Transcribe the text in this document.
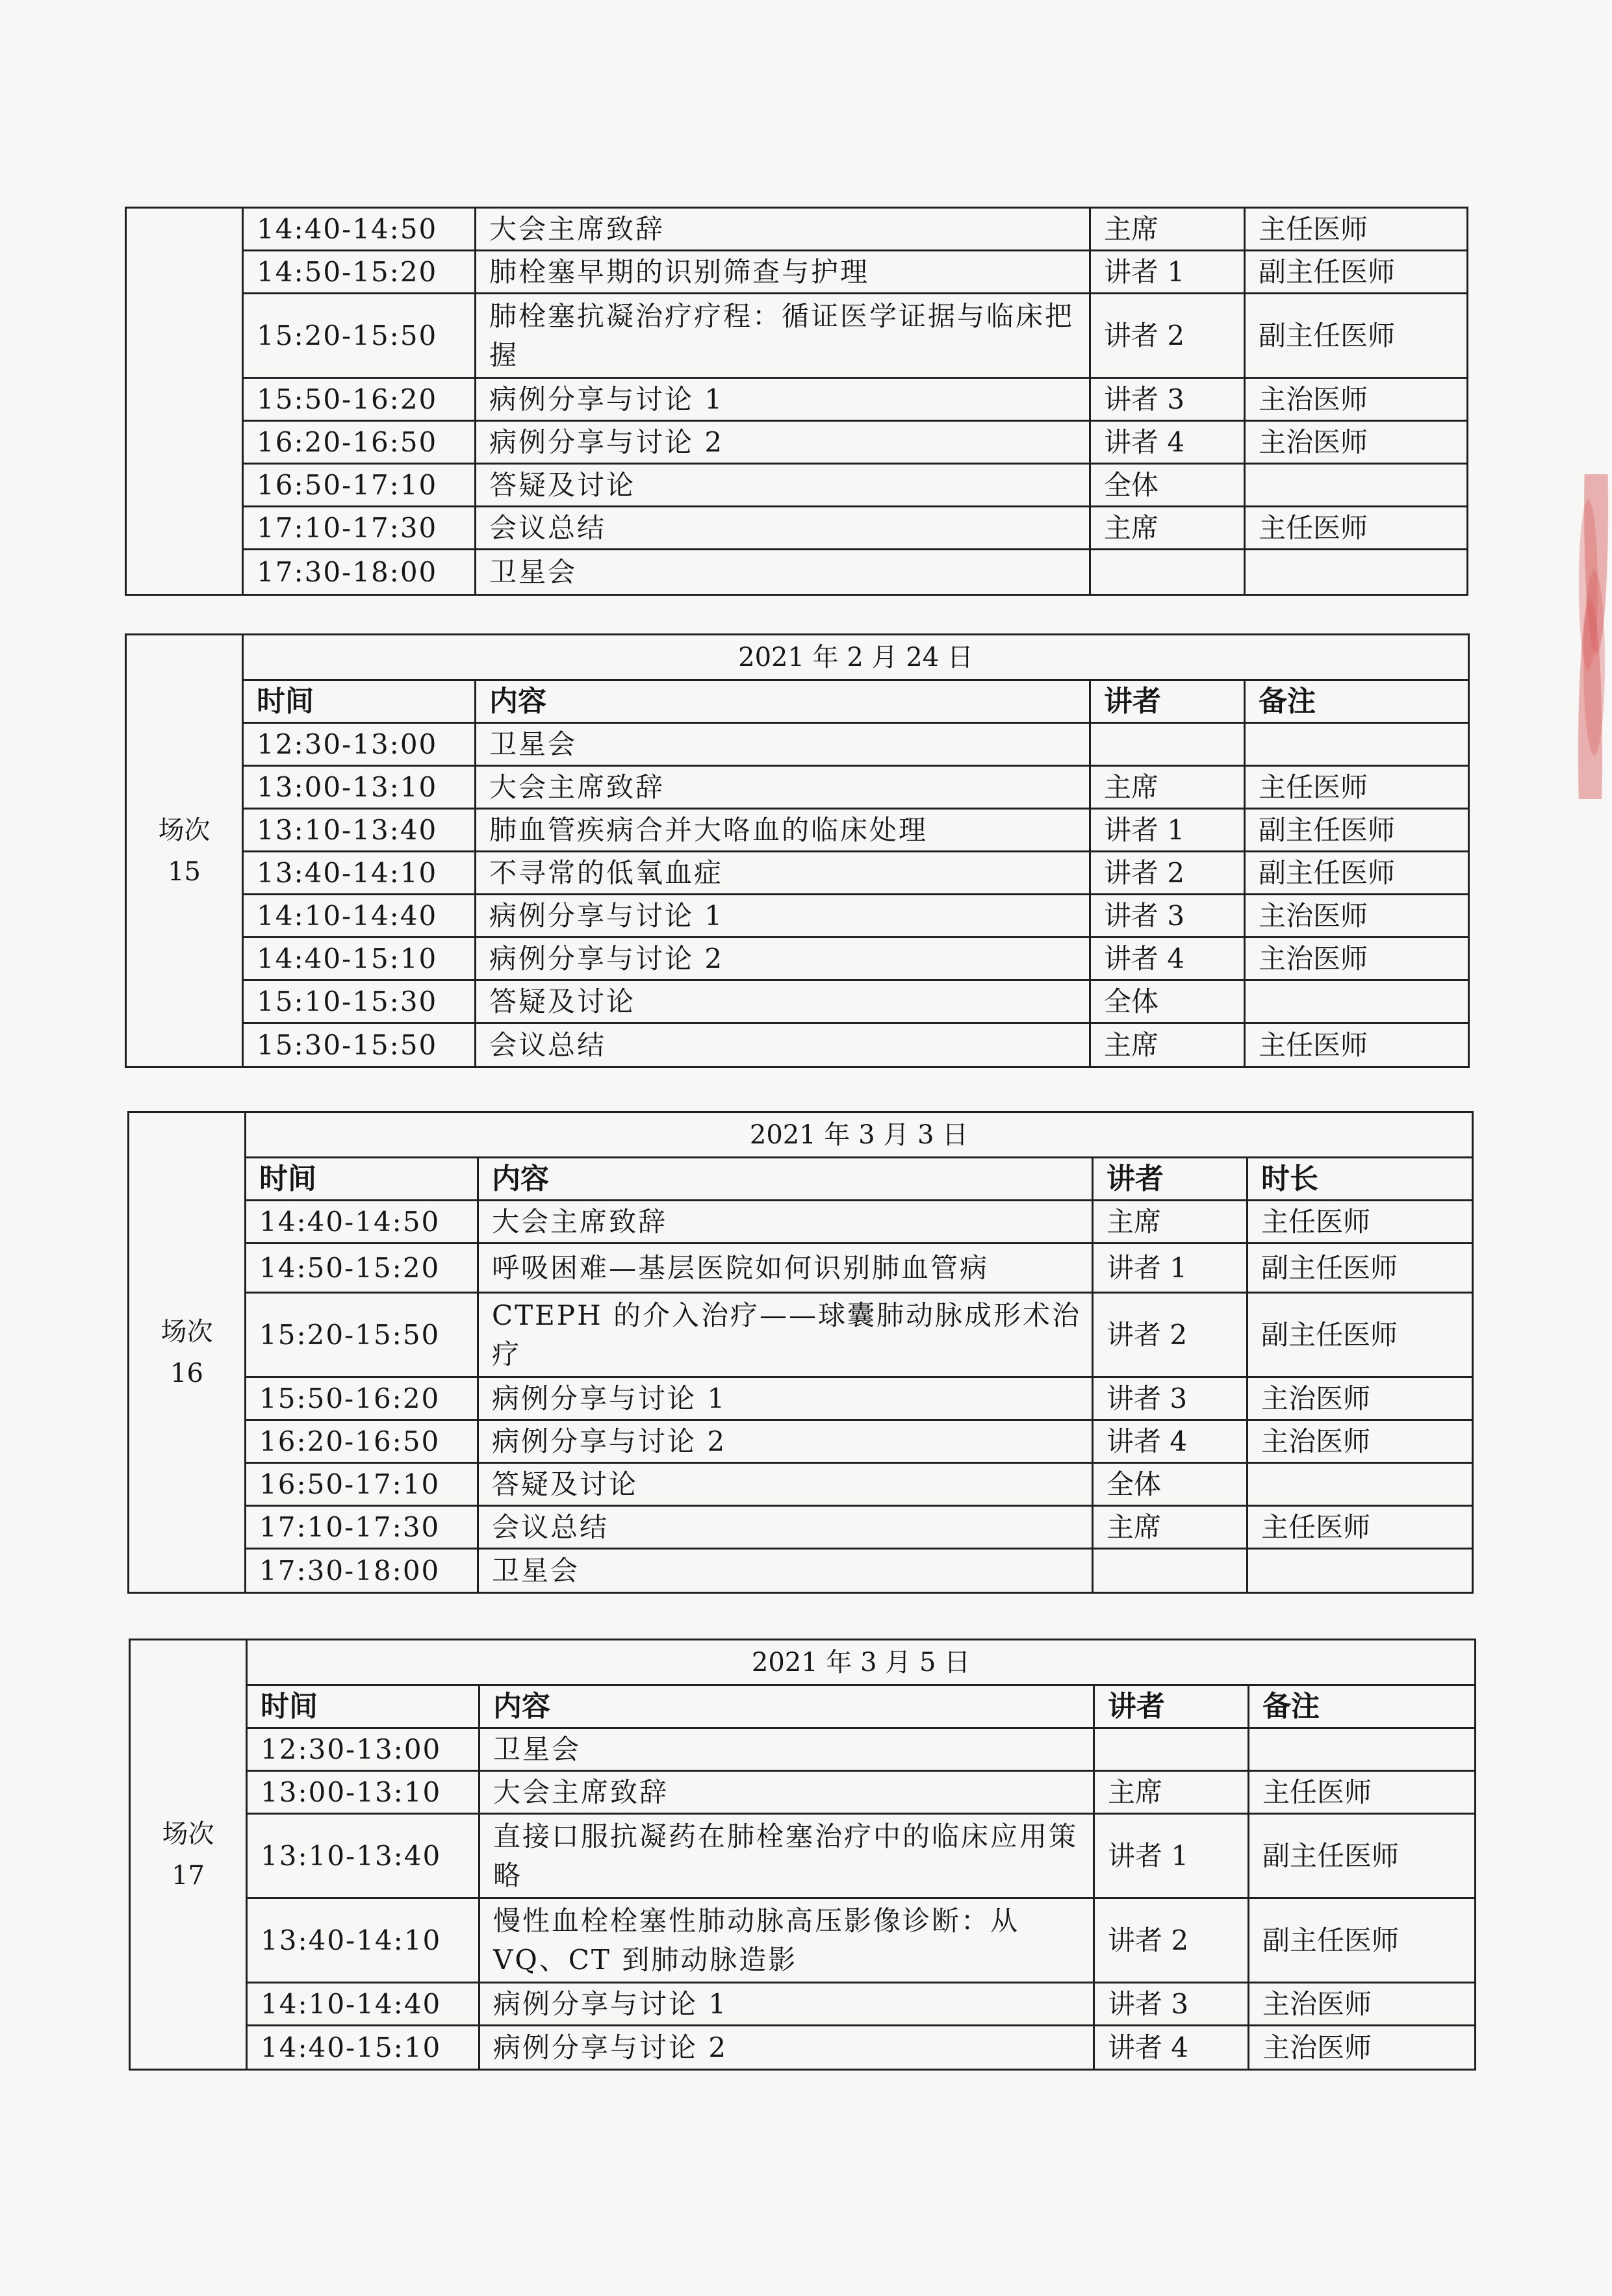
	14:40-14:50	大会主席致辞	主席	主任医师
	14:50-15:20	肺栓塞早期的识别筛查与护理	讲者 1	副主任医师
	15:20-15:50	肺栓塞抗凝治疗疗程：循证医学证据与临床把握	讲者 2	副主任医师
	15:50-16:20	病例分享与讨论 1	讲者 3	主治医师
	16:20-16:50	病例分享与讨论 2	讲者 4	主治医师
	16:50-17:10	答疑及讨论	全体	
	17:10-17:30	会议总结	主席	主任医师
	17:30-18:00	卫星会		
场次
15	2021 年 2 月 24 日			
	时间	内容	讲者	备注
	12:30-13:00	卫星会		
	13:00-13:10	大会主席致辞	主席	主任医师
	13:10-13:40	肺血管疾病合并大咯血的临床处理	讲者 1	副主任医师
	13:40-14:10	不寻常的低氧血症	讲者 2	副主任医师
	14:10-14:40	病例分享与讨论 1	讲者 3	主治医师
	14:40-15:10	病例分享与讨论 2	讲者 4	主治医师
	15:10-15:30	答疑及讨论	全体	
	15:30-15:50	会议总结	主席	主任医师
场次
16	2021 年 3 月 3 日			
	时间	内容	讲者	时长
	14:40-14:50	大会主席致辞	主席	主任医师
	14:50-15:20	呼吸困难—基层医院如何识别肺血管病	讲者 1	副主任医师
	15:20-15:50	CTEPH 的介入治疗——球囊肺动脉成形术治疗	讲者 2	副主任医师
	15:50-16:20	病例分享与讨论 1	讲者 3	主治医师
	16:20-16:50	病例分享与讨论 2	讲者 4	主治医师
	16:50-17:10	答疑及讨论	全体	
	17:10-17:30	会议总结	主席	主任医师
	17:30-18:00	卫星会		
场次
17	2021 年 3 月 5 日			
	时间	内容	讲者	备注
	12:30-13:00	卫星会		
	13:00-13:10	大会主席致辞	主席	主任医师
	13:10-13:40	直接口服抗凝药在肺栓塞治疗中的临床应用策略	讲者 1	副主任医师
	13:40-14:10	慢性血栓栓塞性肺动脉高压影像诊断：从 VQ、CT 到肺动脉造影	讲者 2	副主任医师
	14:10-14:40	病例分享与讨论 1	讲者 3	主治医师
	14:40-15:10	病例分享与讨论 2	讲者 4	主治医师
